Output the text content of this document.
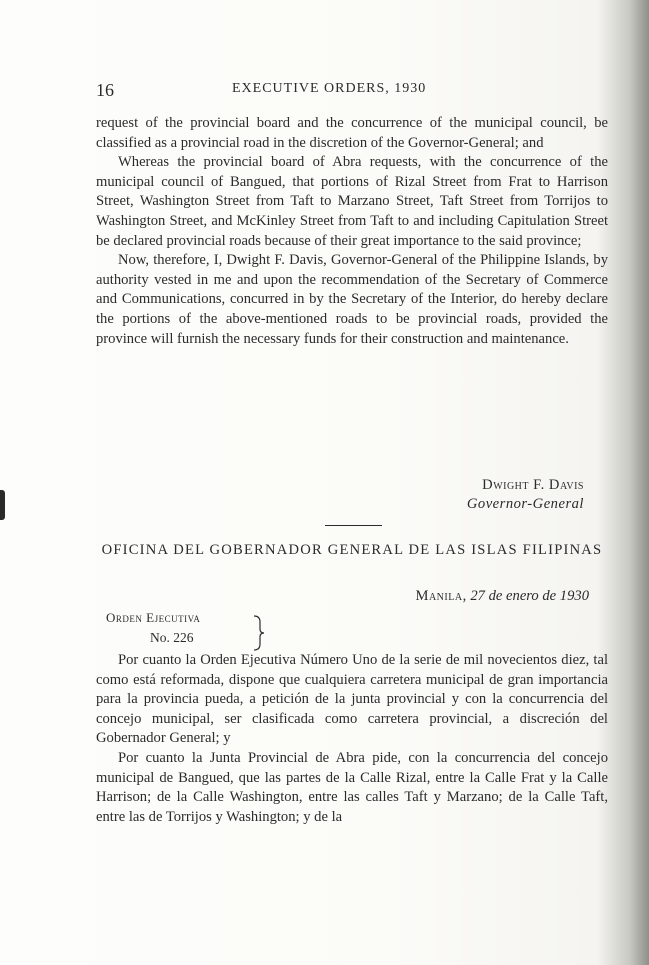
16	EXECUTIVE ORDERS, 1930

request of the provincial board and the concurrence of the municipal council, be classified as a provincial road in the discretion of the Governor-General; and

Whereas the provincial board of Abra requests, with the concurrence of the municipal council of Bangued, that portions of Rizal Street from Frat to Harrison Street, Washington Street from Taft to Marzano Street, Taft Street from Torrijos to Washington Street, and McKinley Street from Taft to and including Capitulation Street be declared provincial roads because of their great importance to the said province;

Now, therefore, I, Dwight F. Davis, Governor-General of the Philippine Islands, by authority vested in me and upon the recommendation of the Secretary of Commerce and Communications, concurred in by the Secretary of the Interior, do hereby declare the portions of the above-mentioned roads to be provincial roads, provided the province will furnish the necessary funds for their construction and maintenance.

Dwight F. Davis
Governor-General
OFICINA DEL GOBERNADOR GENERAL DE LAS ISLAS FILIPINAS
Manila, 27 de enero de 1930
Orden Ejecutiva
No. 226

Por cuanto la Orden Ejecutiva Número Uno de la serie de mil novecientos diez, tal como está reformada, dispone que cualquiera carretera municipal de gran importancia para la provincia pueda, a petición de la junta provincial y con la concurrencia del concejo municipal, ser clasificada como carretera provincial, a discreción del Gobernador General; y

Por cuanto la Junta Provincial de Abra pide, con la concurrencia del concejo municipal de Bangued, que las partes de la Calle Rizal, entre la Calle Frat y la Calle Harrison; de la Calle Washington, entre las calles Taft y Marzano; de la Calle Taft, entre las de Torrijos y Washington; y de la
